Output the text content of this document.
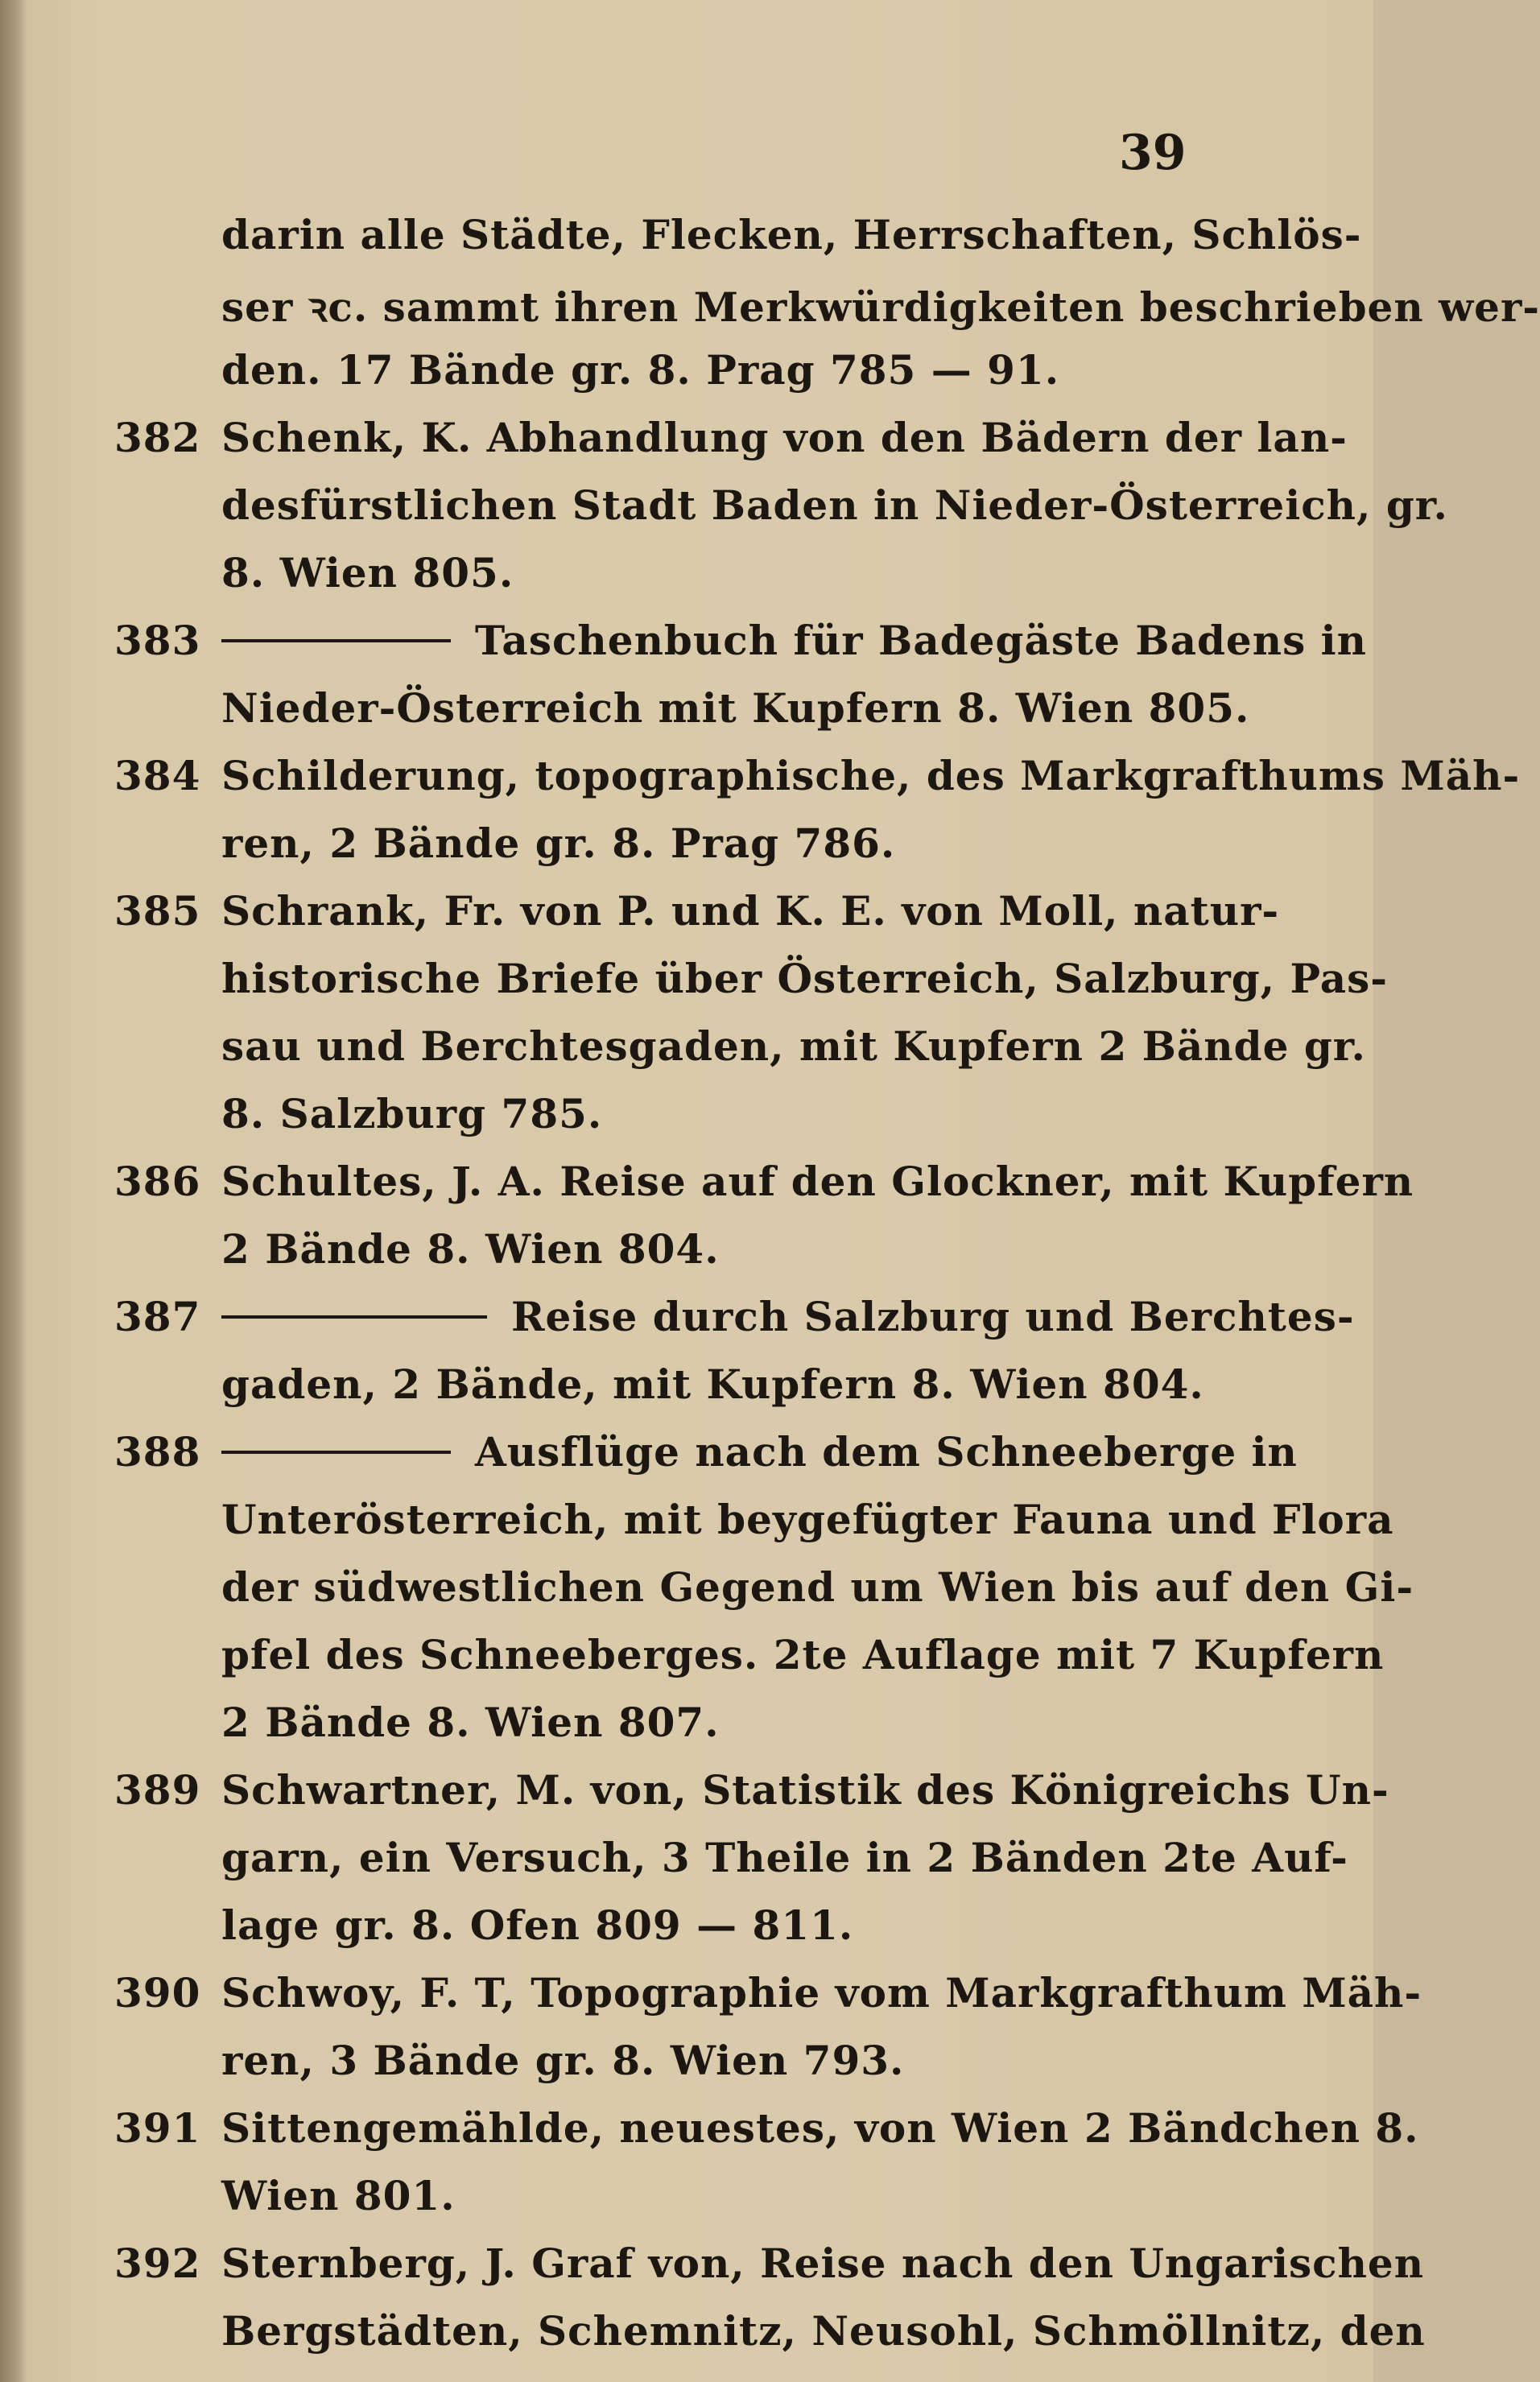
39
darin alle Städte, Flecken, Herrschaften, Schlös-
ser ꝛc. sammt ihren Merkwürdigkeiten beschrieben wer-
den. 17 Bände gr. 8. Prag 785 — 91.
382 Schenk, K. Abhandlung von den Bädern der lan-
desfürstlichen Stadt Baden in Nieder-Österreich, gr.
8. Wien 805.
383	Taschenbuch für Badegäste Badens in
Nieder-Österreich mit Kupfern 8. Wien 805.
384 Schilderung, topographische, des Markgrafthums Mäh-
ren, 2 Bände gr. 8. Prag 786.
385 Schrank, Fr. von P. und K. E. von Moll, natur-
historische Briefe über Österreich, Salzburg, Pas-
sau und Berchtesgaden, mit Kupfern 2 Bände gr.
8. Salzburg 785.
386 Schultes, J. A. Reise auf den Glockner, mit Kupfern
2 Bände 8. Wien 804.
387	Reise durch Salzburg und Berchtes-
gaden, 2 Bände, mit Kupfern 8. Wien 804.
388	Ausflüge nach dem Schneeberge in
Unterösterreich, mit beygefügter Fauna und Flora
der südwestlichen Gegend um Wien bis auf den Gi-
pfel des Schneeberges. 2te Auflage mit 7 Kupfern
2 Bände 8. Wien 807.
389 Schwartner, M. von, Statistik des Königreichs Un-
garn, ein Versuch, 3 Theile in 2 Bänden 2te Auf-
lage gr. 8. Ofen 809 — 811.
390 Schwoy, F. T, Topographie vom Markgrafthum Mäh-
ren, 3 Bände gr. 8. Wien 793.
391 Sittengemählde, neuestes, von Wien 2 Bändchen 8.
Wien 801.
392 Sternberg, J. Graf von, Reise nach den Ungarischen
Bergstädten, Schemnitz, Neusohl, Schmöllnitz, den
